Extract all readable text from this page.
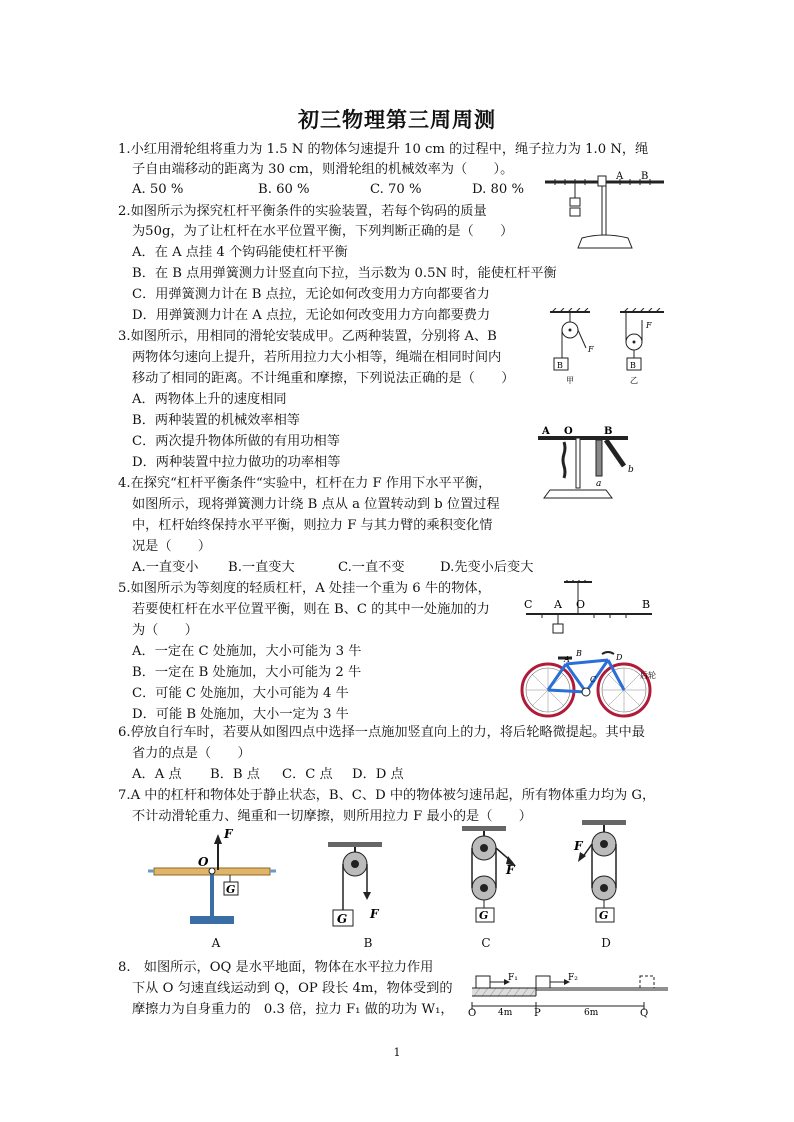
初三物理第三周周测
1.小红用滑轮组将重力为 1.5 N 的物体匀速提升 10 cm 的过程中，绳子拉力为 1.0 N，绳
子自由端移动的距离为 30 cm，则滑轮组的机械效率为（　　）。
A. 50 %	B. 60 %	C. 70 %	D. 80 %
2.如图所示为探究杠杆平衡条件的实验装置，若每个钩码的质量
为50g，为了让杠杆在水平位置平衡，下列判断正确的是（　　）
A．在 A 点挂 4 个钩码能使杠杆平衡
B．在 B 点用弹簧测力计竖直向下拉，当示数为 0.5N 时，能使杠杆平衡
C．用弹簧测力计在 B 点拉，无论如何改变用力方向都要省力
D．用弹簧测力计在 A 点拉，无论如何改变用力方向都要费力
A B
3.如图所示，用相同的滑轮安装成甲。乙两种装置，分别将 A、B
两物体匀速向上提升，若所用拉力大小相等，绳端在相同时间内
移动了相同的距离。不计绳重和摩擦，下列说法正确的是（　　）
A．两物体上升的速度相同
B．两种装置的机械效率相等
C．两次提升物体所做的有用功相等
D．两种装置中拉力做功的功率相等
F
B
F
B
甲	乙
A O	B
b
a
4.在探究“杠杆平衡条件“实验中，杠杆在力 F 作用下水平平衡，
如图所示，现将弹簧测力计绕 B 点从 a 位置转动到 b 位置过程
中，杠杆始终保持水平平衡，则拉力 F 与其力臂的乘积变化情
况是（　　）
A.一直变小 B.一直变大	C.一直不变	D.先变小后变大
5.如图所示为等刻度的轻质杠杆，A 处挂一个重为 6 牛的物体，
若要使杠杆在水平位置平衡，则在 B、C 的其中一处施加的力
为（　　）
A．一定在 C 处施加，大小可能为 3 牛
B．一定在 B 处施加，大小可能为 2 牛
C．可能 C 处施加，大小可能为 4 牛
D．可能 B 处施加，大小一定为 3 牛
C A O	B
A
B
C
D
后轮
6.停放自行车时，若要从如图四点中选择一点施加竖直向上的力，将后轮略微提起。其中最
省力的点是（　　）
A．A 点 B．B 点 C．C 点 D．D 点
7.A 中的杠杆和物体处于静止状态，B、C、D 中的物体被匀速吊起，所有物体重力均为 G，
不计动滑轮重力、绳重和一切摩擦，则所用拉力 F 最小的是（　　）
O
F
G
A
F
G
B
F
G
C
F
G
D
8.　如图所示，OQ 是水平地面，物体在水平拉力作用
下从 O 匀速直线运动到 Q，OP 段长 4m，物体受到的
摩擦力为自身重力的　0.3 倍，拉力 F₁ 做的功为 W₁，
F₁	F₂
O 4m P	6m	Q
1
